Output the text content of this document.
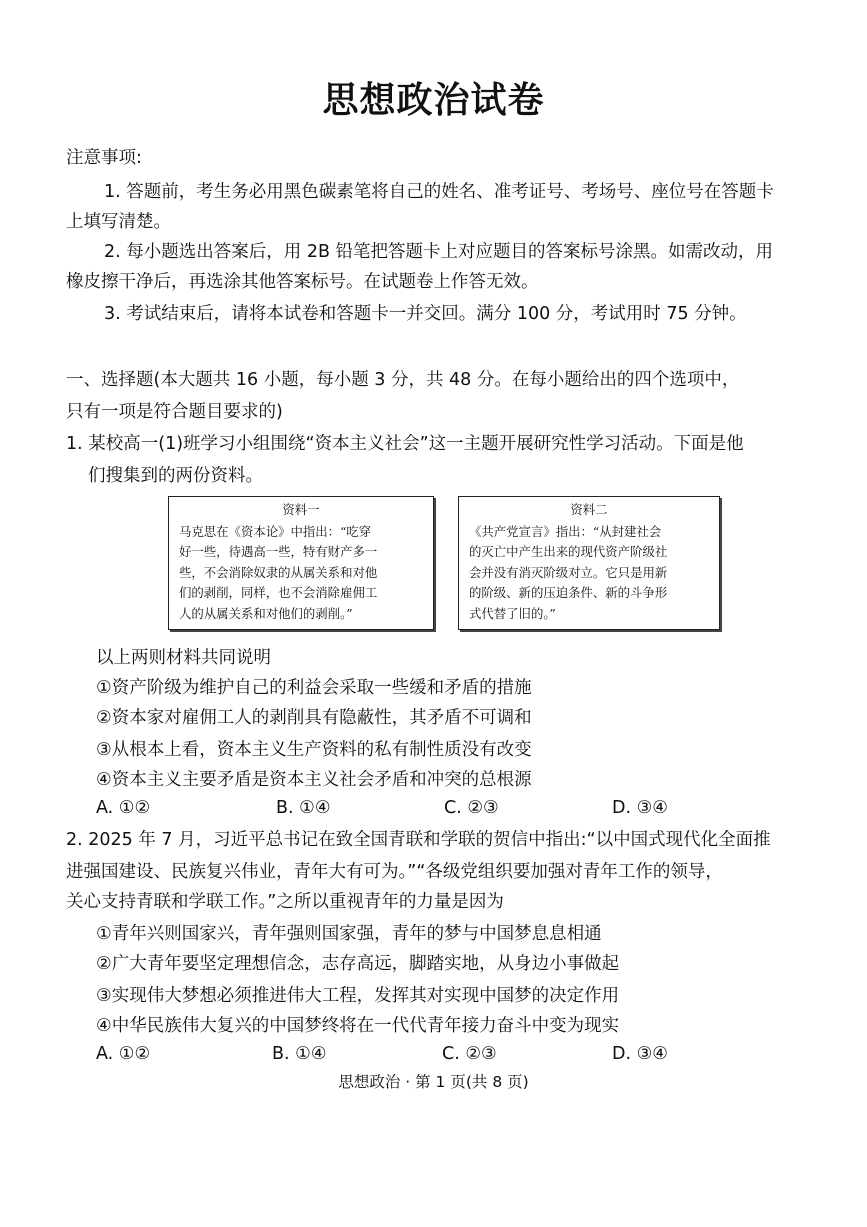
思想政治试卷
注意事项:
1. 答题前，考生务必用黑色碳素笔将自己的姓名、准考证号、考场号、座位号在答题卡
上填写清楚。
2. 每小题选出答案后，用 2B 铅笔把答题卡上对应题目的答案标号涂黑。如需改动，用
橡皮擦干净后，再选涂其他答案标号。在试题卷上作答无效。
3. 考试结束后，请将本试卷和答题卡一并交回。满分 100 分，考试用时 75 分钟。
一、选择题(本大题共 16 小题，每小题 3 分，共 48 分。在每小题给出的四个选项中，
只有一项是符合题目要求的)
1. 某校高一(1)班学习小组围绕“资本主义社会”这一主题开展研究性学习活动。下面是他
们搜集到的两份资料。
资料一
马克思在《资本论》中指出：“吃穿
好一些，待遇高一些，特有财产多一
些，不会消除奴隶的从属关系和对他
们的剥削，同样，也不会消除雇佣工
人的从属关系和对他们的剥削。”
资料二
《共产党宣言》指出：“从封建社会
的灭亡中产生出来的现代资产阶级社
会并没有消灭阶级对立。它只是用新
的阶级、新的压迫条件、新的斗争形
式代替了旧的。”
以上两则材料共同说明
①资产阶级为维护自己的利益会采取一些缓和矛盾的措施
②资本家对雇佣工人的剥削具有隐蔽性，其矛盾不可调和
③从根本上看，资本主义生产资料的私有制性质没有改变
④资本主义主要矛盾是资本主义社会矛盾和冲突的总根源
A. ①②	B. ①④	C. ②③	D. ③④
2. 2025 年 7 月，习近平总书记在致全国青联和学联的贺信中指出:“以中国式现代化全面推
进强国建设、民族复兴伟业，青年大有可为。”“各级党组织要加强对青年工作的领导，
关心支持青联和学联工作。”之所以重视青年的力量是因为
①青年兴则国家兴，青年强则国家强，青年的梦与中国梦息息相通
②广大青年要坚定理想信念，志存高远，脚踏实地，从身边小事做起
③实现伟大梦想必须推进伟大工程，发挥其对实现中国梦的决定作用
④中华民族伟大复兴的中国梦终将在一代代青年接力奋斗中变为现实
A. ①②	B. ①④	C. ②③	D. ③④
思想政治 · 第 1 页(共 8 页)
